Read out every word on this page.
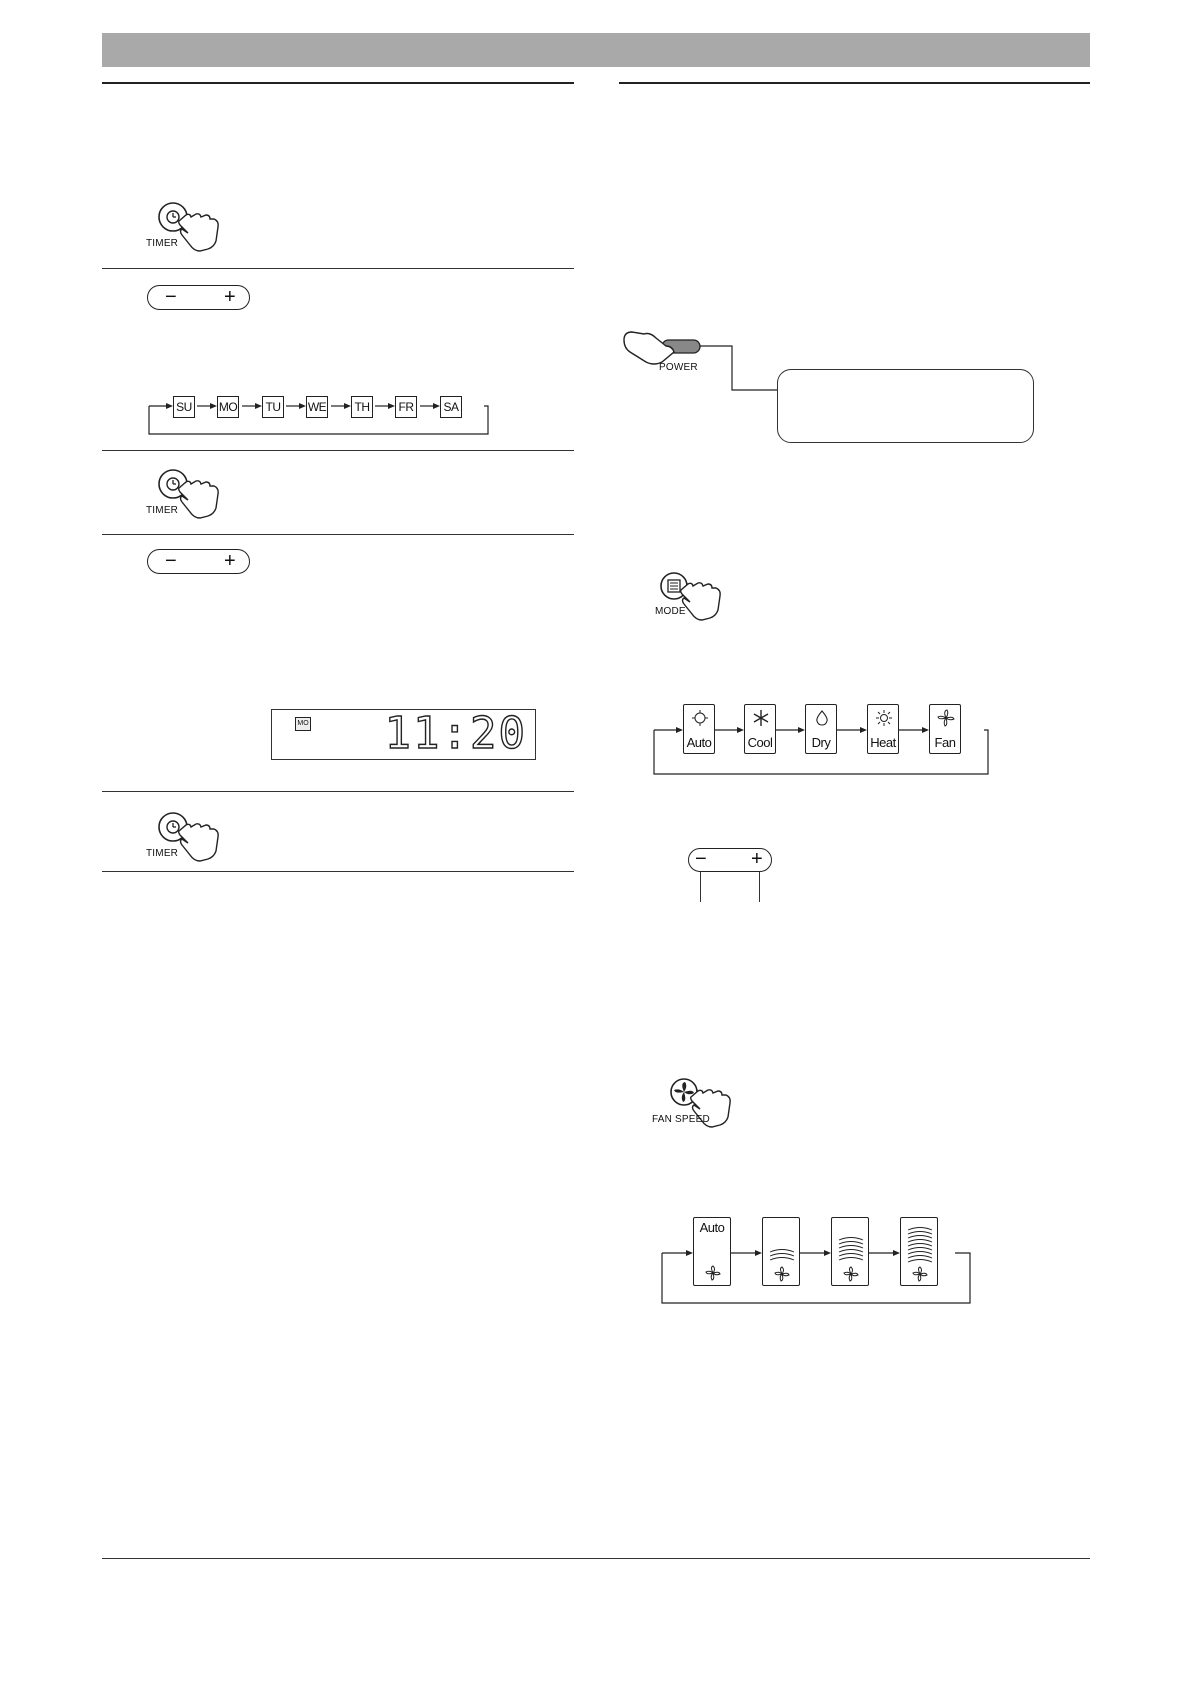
TIMER
− +
SU MO TU WE TH FR SA
TIMER
− +
MO 11:20
TIMER
POWER
MODE
Auto	Cool	Dry	Heat	Fan
− +
FAN SPEED
Auto
